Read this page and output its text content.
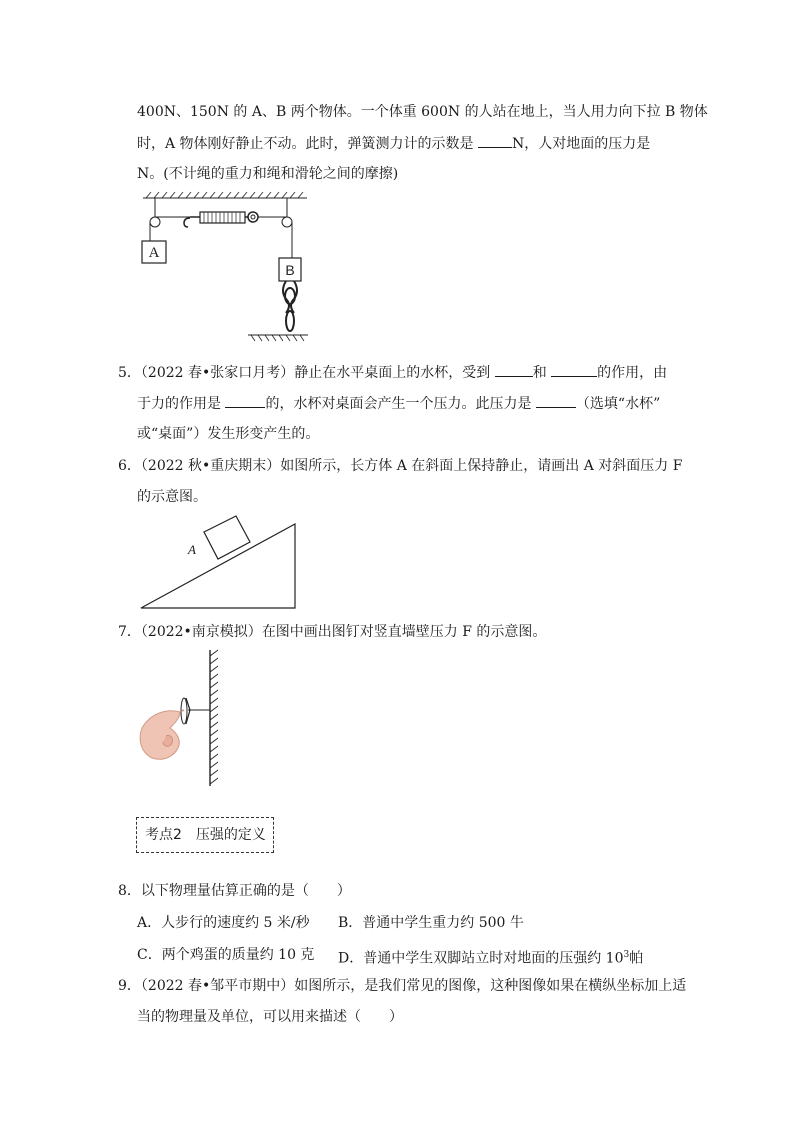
400N、150N 的 A、B 两个物体。一个体重 600N 的人站在地上，当人用力向下拉 B 物体
时，A 物体刚好静止不动。此时，弹簧测力计的示数是 N，人对地面的压力是
N。(不计绳的重力和绳和滑轮之间的摩擦)
A
B
5．（2022 春•张家口月考）静止在水平桌面上的水杯，受到	和	的作用，由
于力的作用是	的，水杯对桌面会产生一个压力。此压力是	（选填“水杯”
或“桌面”）发生形变产生的。
6．（2022 秋•重庆期末）如图所示，长方体 A 在斜面上保持静止，请画出 A 对斜面压力 F
的示意图。
A
7．（2022•南京模拟）在图中画出图钉对竖直墙壁压力 F 的示意图。
考点2　压强的定义
8．以下物理量估算正确的是（　　）
A．人步行的速度约 5 米/秒 B．普通中学生重力约 500 牛
C．两个鸡蛋的质量约 10 克 D．普通中学生双脚站立时对地面的压强约 $10^3$帕
9．（2022 春•邹平市期中）如图所示，是我们常见的图像，这种图像如果在横纵坐标加上适
当的物理量及单位，可以用来描述（　　）
